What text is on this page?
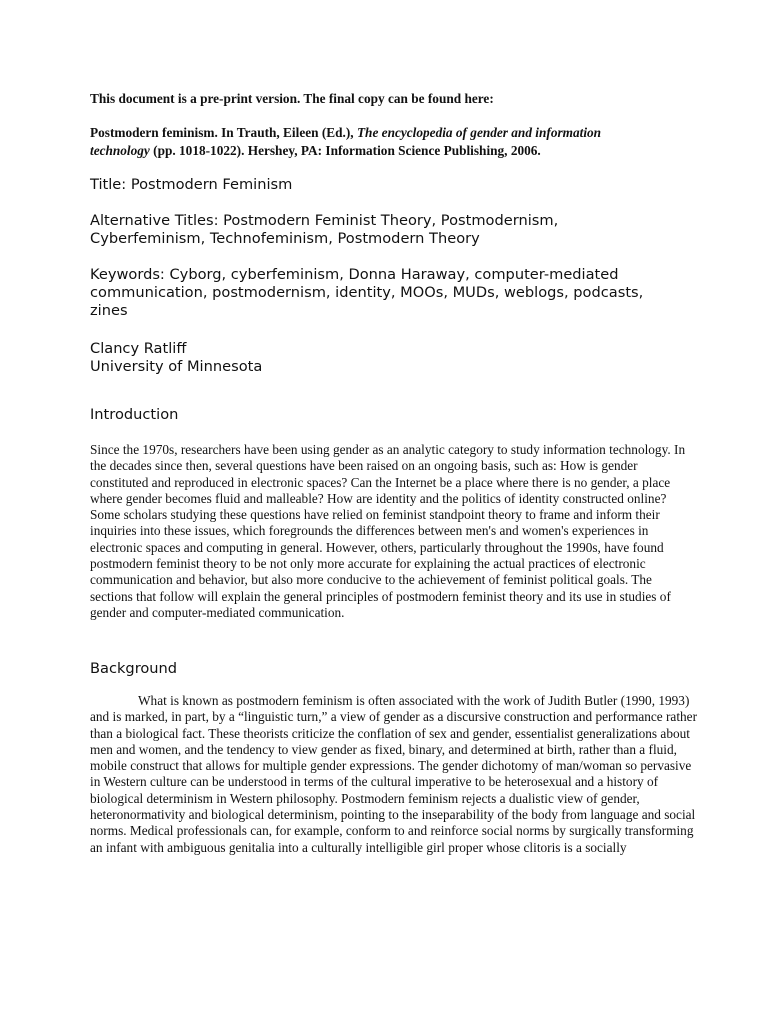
This document is a pre-print version. The final copy can be found here:
Postmodern feminism. In Trauth, Eileen (Ed.), The encyclopedia of gender and information technology (pp. 1018-1022). Hershey, PA: Information Science Publishing, 2006.
Title: Postmodern Feminism
Alternative Titles: Postmodern Feminist Theory, Postmodernism, Cyberfeminism, Technofeminism, Postmodern Theory
Keywords: Cyborg, cyberfeminism, Donna Haraway, computer-mediated communication, postmodernism, identity, MOOs, MUDs, weblogs, podcasts, zines
Clancy Ratliff
University of Minnesota
Introduction
Since the 1970s, researchers have been using gender as an analytic category to study information technology. In the decades since then, several questions have been raised on an ongoing basis, such as: How is gender constituted and reproduced in electronic spaces? Can the Internet be a place where there is no gender, a place where gender becomes fluid and malleable? How are identity and the politics of identity constructed online? Some scholars studying these questions have relied on feminist standpoint theory to frame and inform their inquiries into these issues, which foregrounds the differences between men's and women's experiences in electronic spaces and computing in general. However, others, particularly throughout the 1990s, have found postmodern feminist theory to be not only more accurate for explaining the actual practices of electronic communication and behavior, but also more conducive to the achievement of feminist political goals. The sections that follow will explain the general principles of postmodern feminist theory and its use in studies of gender and computer-mediated communication.
Background
What is known as postmodern feminism is often associated with the work of Judith Butler (1990, 1993) and is marked, in part, by a “linguistic turn,” a view of gender as a discursive construction and performance rather than a biological fact. These theorists criticize the conflation of sex and gender, essentialist generalizations about men and women, and the tendency to view gender as fixed, binary, and determined at birth, rather than a fluid, mobile construct that allows for multiple gender expressions. The gender dichotomy of man/woman so pervasive in Western culture can be understood in terms of the cultural imperative to be heterosexual and a history of biological determinism in Western philosophy. Postmodern feminism rejects a dualistic view of gender, heteronormativity and biological determinism, pointing to the inseparability of the body from language and social norms. Medical professionals can, for example, conform to and reinforce social norms by surgically transforming an infant with ambiguous genitalia into a culturally intelligible girl proper whose clitoris is a socially
